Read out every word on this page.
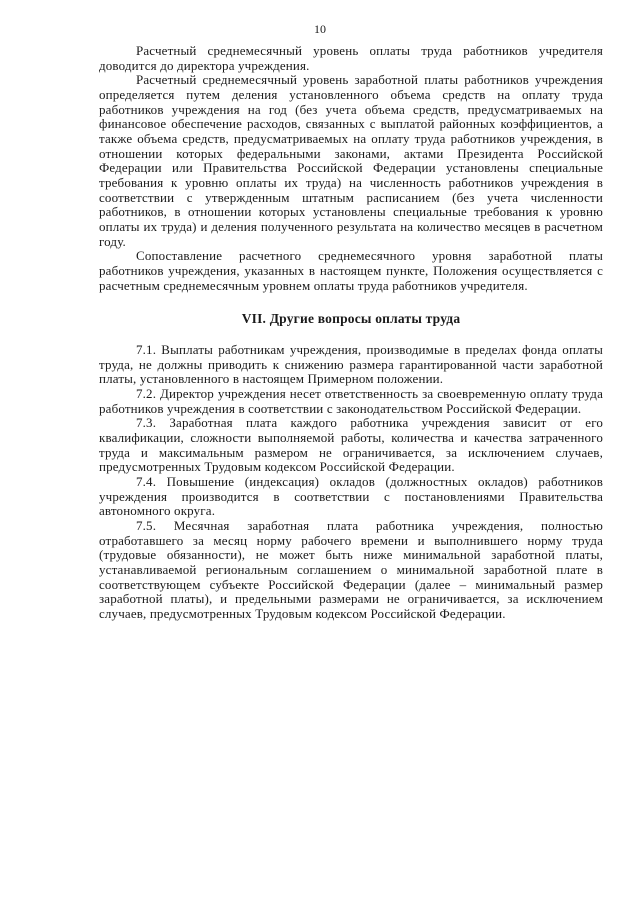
10

Расчетный среднемесячный уровень оплаты труда работников учредителя доводится до директора учреждения.

Расчетный среднемесячный уровень заработной платы работников учреждения определяется путем деления установленного объема средств на оплату труда работников учреждения на год (без учета объема средств, предусматриваемых на финансовое обеспечение расходов, связанных с выплатой районных коэффициентов, а также объема средств, предусматриваемых на оплату труда работников учреждения, в отношении которых федеральными законами, актами Президента Российской Федерации или Правительства Российской Федерации установлены специальные требования к уровню оплаты их труда) на численность работников учреждения в соответствии с утвержденным штатным расписанием (без учета численности работников, в отношении которых установлены специальные требования к уровню оплаты их труда) и деления полученного результата на количество месяцев в расчетном году.

Сопоставление расчетного среднемесячного уровня заработной платы работников учреждения, указанных в настоящем пункте, Положения осуществляется с расчетным среднемесячным уровнем оплаты труда работников учредителя.

VII. Другие вопросы оплаты труда

7.1. Выплаты работникам учреждения, производимые в пределах фонда оплаты труда, не должны приводить к снижению размера гарантированной части заработной платы, установленного в настоящем Примерном положении.

7.2. Директор учреждения несет ответственность за своевременную оплату труда работников учреждения в соответствии с законодательством Российской Федерации.

7.3. Заработная плата каждого работника учреждения зависит от его квалификации, сложности выполняемой работы, количества и качества затраченного труда и максимальным размером не ограничивается, за исключением случаев, предусмотренных Трудовым кодексом Российской Федерации.

7.4. Повышение (индексация) окладов (должностных окладов) работников учреждения производится в соответствии с постановлениями Правительства автономного округа.

7.5. Месячная заработная плата работника учреждения, полностью отработавшего за месяц норму рабочего времени и выполнившего норму труда (трудовые обязанности), не может быть ниже минимальной заработной платы, устанавливаемой региональным соглашением о минимальной заработной плате в соответствующем субъекте Российской Федерации (далее – минимальный размер заработной платы), и предельными размерами не ограничивается, за исключением случаев, предусмотренных Трудовым кодексом Российской Федерации.
